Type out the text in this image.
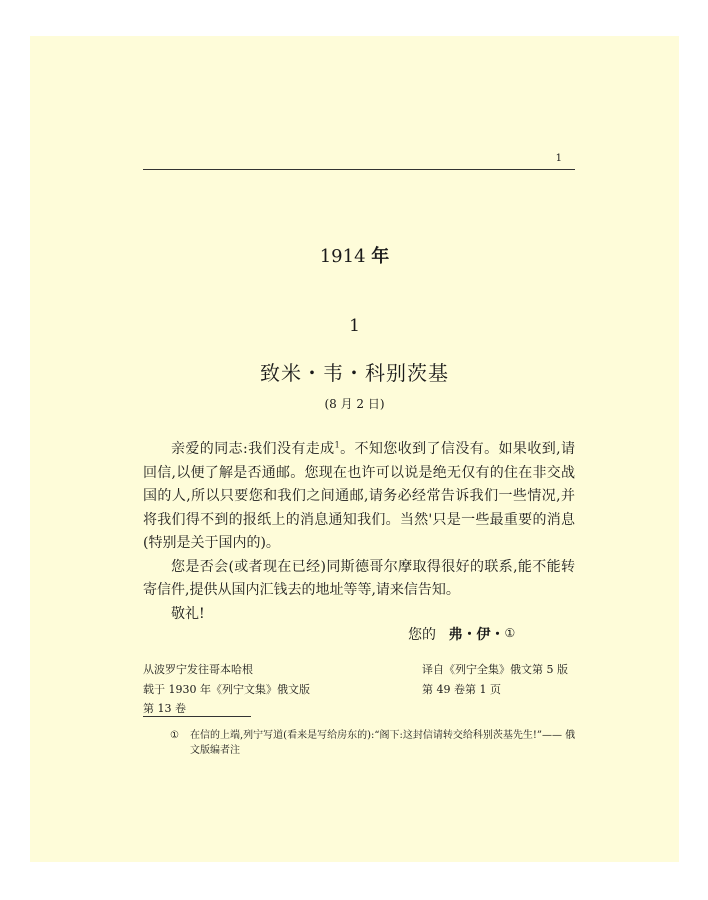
1
1914 年
1
致米・韦・科别茨基
(8 月 2 日)

亲爱的同志:我们没有走成$^1$。不知您收到了信没有。如果收到,请回信,以便了解是否通邮。您现在也许可以说是绝无仅有的住在非交战国的人,所以只要您和我们之间通邮,请务必经常告诉我们一些情况,并将我们得不到的报纸上的消息通知我们。当然'只是一些最重要的消息(特别是关于国内的)。

您是否会(或者现在已经)同斯德哥尔摩取得很好的联系,能不能转寄信件,提供从国内汇钱去的地址等等,请来信告知。

敬礼!

您的 弗・伊・①
从波罗宁发往哥本哈根
载于 1930 年《列宁文集》俄文版
第 13 卷
译自《列宁全集》俄文第 5 版
第 49 卷第 1 页
①	在信的上端,列宁写道(看来是写给房东的):“阁下:这封信请转交给科别茨基先生!”—— 俄文版编者注
